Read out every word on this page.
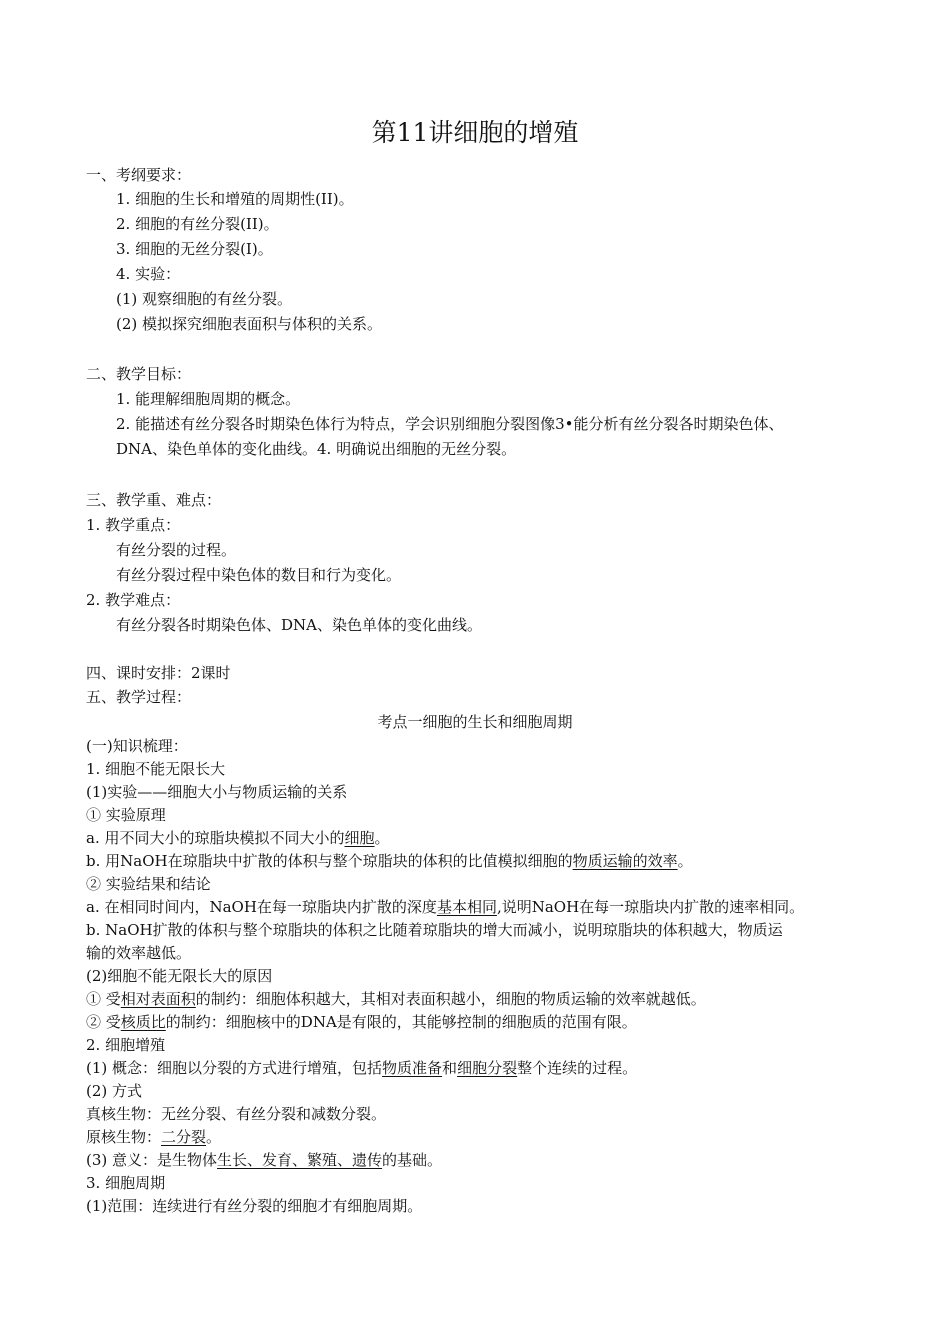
第11讲细胞的增殖
一、考纲要求：
1. 细胞的生长和增殖的周期性(II)。
2. 细胞的有丝分裂(II)。
3. 细胞的无丝分裂(I)。
4. 实验：
(1) 观察细胞的有丝分裂。
(2) 模拟探究细胞表面积与体积的关系。
二、教学目标：
1. 能理解细胞周期的概念。
2. 能描述有丝分裂各时期染色体行为特点，学会识别细胞分裂图像3•能分析有丝分裂各时期染色体、
DNA、染色单体的变化曲线。4. 明确说出细胞的无丝分裂。
三、教学重、难点：
1. 教学重点：
有丝分裂的过程。
有丝分裂过程中染色体的数目和行为变化。
2. 教学难点：
有丝分裂各时期染色体、DNA、染色单体的变化曲线。
四、课时安排：2课时
五、教学过程：
考点一细胞的生长和细胞周期
(一)知识梳理：
1. 细胞不能无限长大
(1)实验——细胞大小与物质运输的关系
① 实验原理
a. 用不同大小的琼脂块模拟不同大小的细胞。
b. 用NaOH在琼脂块中扩散的体积与整个琼脂块的体积的比值模拟细胞的物质运输的效率。
② 实验结果和结论
a. 在相同时间内，NaOH在每一琼脂块内扩散的深度基本相同,说明NaOH在每一琼脂块内扩散的速率相同。
b. NaOH扩散的体积与整个琼脂块的体积之比随着琼脂块的增大而减小，说明琼脂块的体积越大，物质运
输的效率越低。
(2)细胞不能无限长大的原因
① 受相对表面积的制约：细胞体积越大，其相对表面积越小，细胞的物质运输的效率就越低。
② 受核质比的制约：细胞核中的DNA是有限的，其能够控制的细胞质的范围有限。
2. 细胞增殖
(1) 概念：细胞以分裂的方式进行增殖，包括物质准备和细胞分裂整个连续的过程。
(2) 方式
真核生物：无丝分裂、有丝分裂和减数分裂。
原核生物：二分裂。
(3) 意义：是生物体生长、发育、繁殖、遗传的基础。
3. 细胞周期
(1)范围：连续进行有丝分裂的细胞才有细胞周期。
